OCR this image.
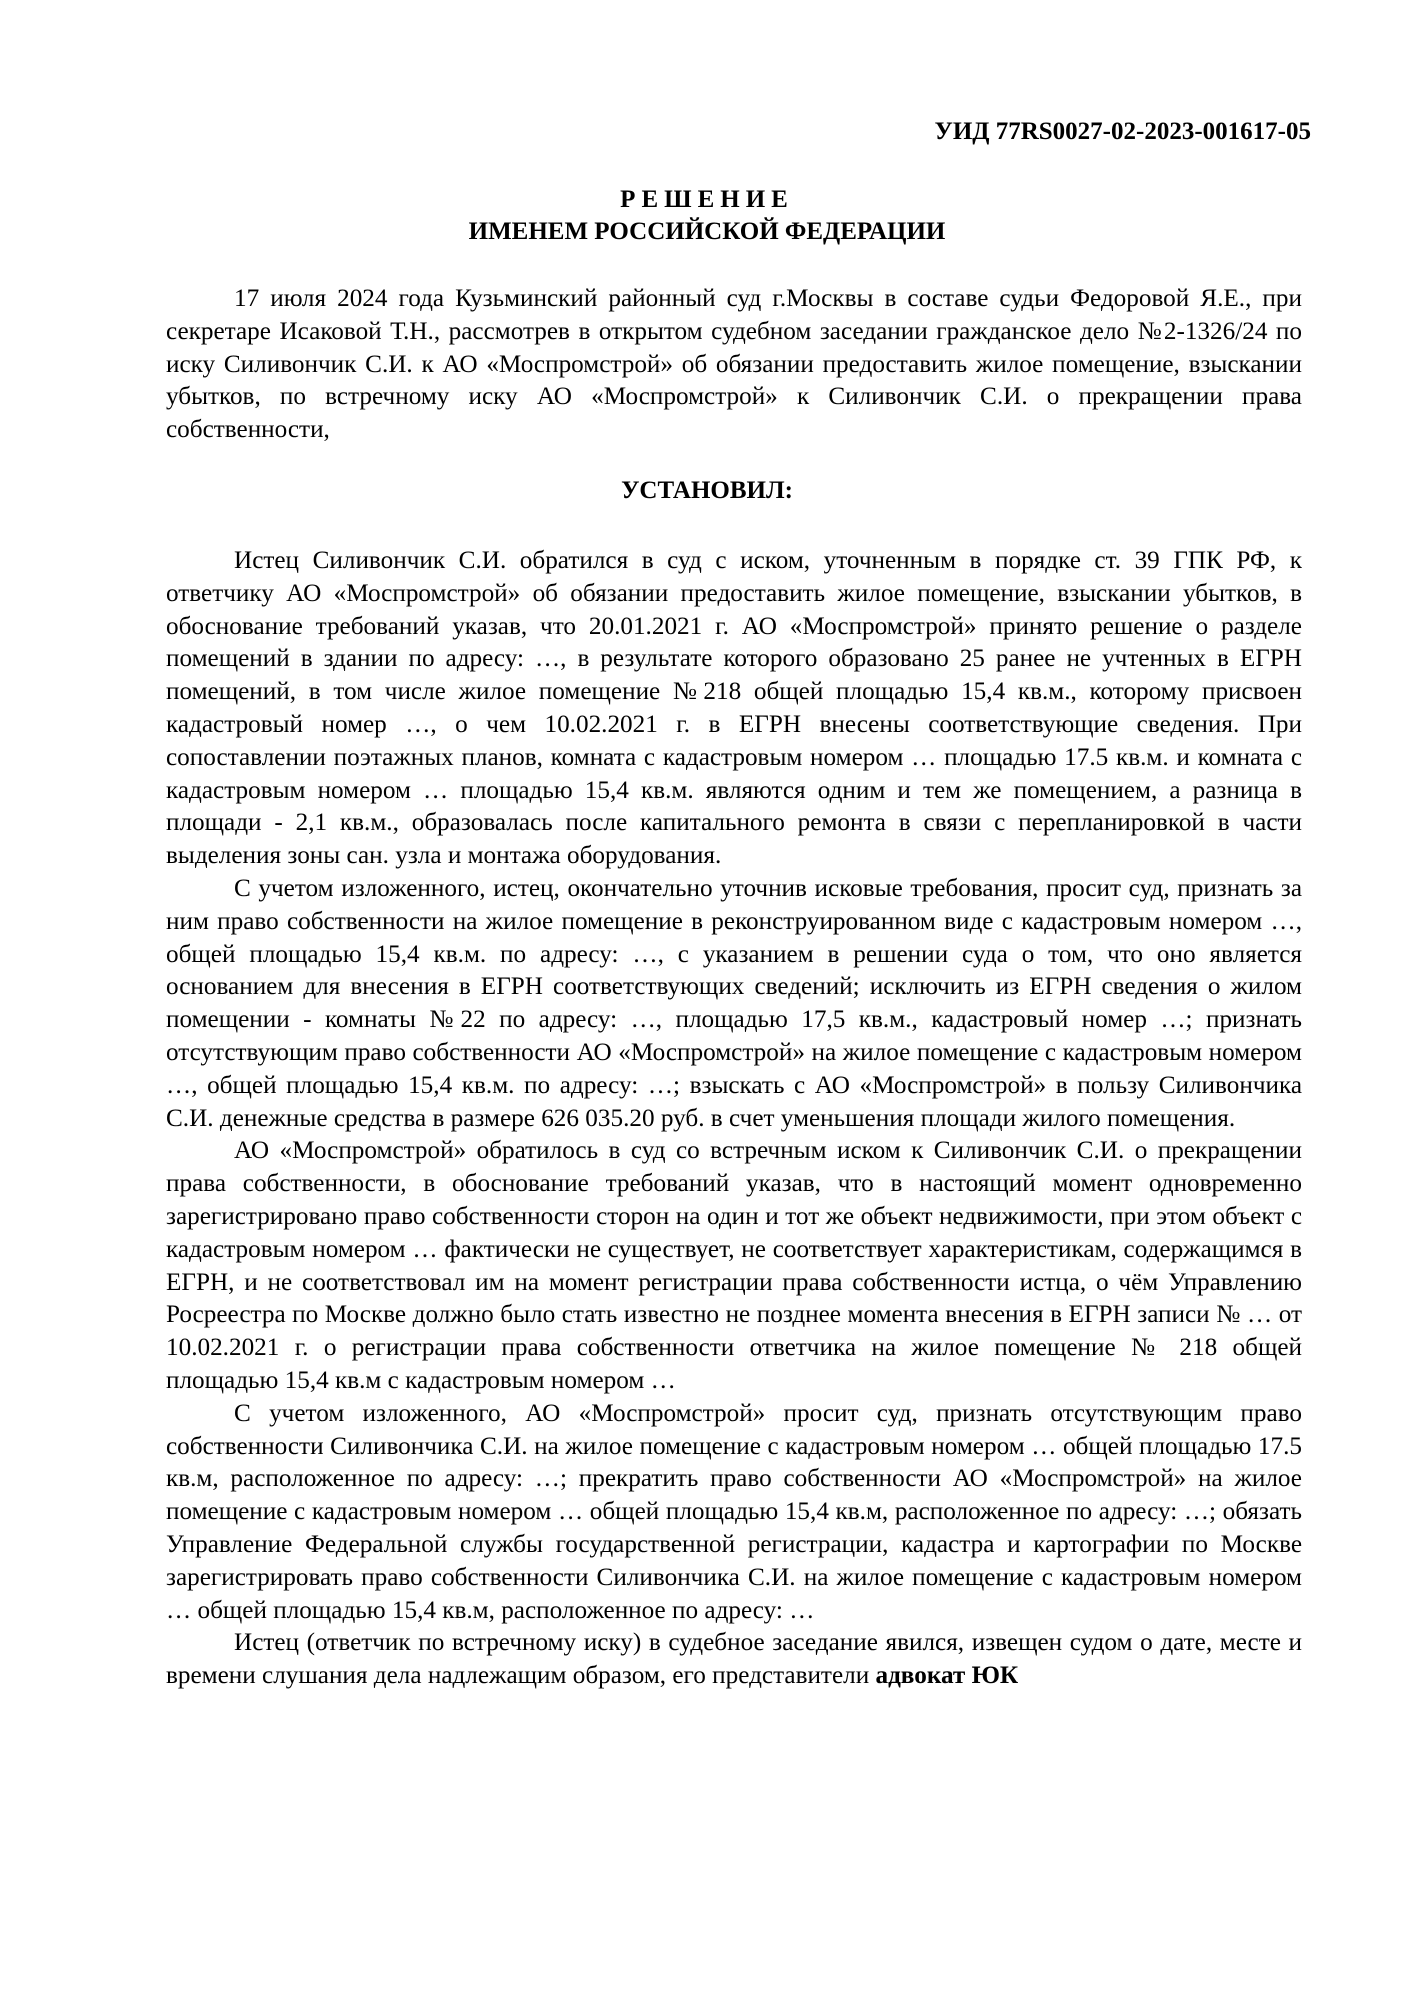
УИД 77RS0027-02-2023-001617-05
РЕШЕНИЕ
ИМЕНЕМ РОССИЙСКОЙ ФЕДЕРАЦИИ

17 июля 2024 года Кузьминский районный суд г.Москвы в составе судьи Федоровой Я.Е., при секретаре Исаковой Т.Н., рассмотрев в открытом судебном заседании гражданское дело №2-1326/24 по иску Силивончик С.И. к АО «Моспромстрой» об обязании предоставить жилое помещение, взыскании убытков, по встречному иску АО «Моспромстрой» к Силивончик С.И. о прекращении права собственности,

УСТАНОВИЛ:

Истец Силивончик С.И. обратился в суд с иском, уточненным в порядке ст. 39 ГПК РФ, к ответчику АО «Моспромстрой» об обязании предоставить жилое помещение, взыскании убытков, в обоснование требований указав, что 20.01.2021 г. АО «Моспромстрой» принято решение о разделе помещений в здании по адресу: …, в результате которого образовано 25 ранее не учтенных в ЕГРН помещений, в том числе жилое помещение №218 общей площадью 15,4 кв.м., которому присвоен кадастровый номер …, о чем 10.02.2021 г. в ЕГРН внесены соответствующие сведения. При сопоставлении поэтажных планов, комната с кадастровым номером … площадью 17.5 кв.м. и комната с кадастровым номером … площадью 15,4 кв.м. являются одним и тем же помещением, а разница в площади - 2,1 кв.м., образовалась после капитального ремонта в связи с перепланировкой в части выделения зоны сан. узла и монтажа оборудования.

С учетом изложенного, истец, окончательно уточнив исковые требования, просит суд, признать за ним право собственности на жилое помещение в реконструированном виде с кадастровым номером …, общей площадью 15,4 кв.м. по адресу: …, с указанием в решении суда о том, что оно является основанием для внесения в ЕГРН соответствующих сведений; исключить из ЕГРН сведения о жилом помещении - комнаты №22 по адресу: …, площадью 17,5 кв.м., кадастровый номер …; признать отсутствующим право собственности АО «Моспромстрой» на жилое помещение с кадастровым номером …, общей площадью 15,4 кв.м. по адресу: …; взыскать с АО «Моспромстрой» в пользу Силивончика С.И. денежные средства в размере 626 035.20 руб. в счет уменьшения площади жилого помещения.

АО «Моспромстрой» обратилось в суд со встречным иском к Силивончик С.И. о прекращении права собственности, в обоснование требований указав, что в настоящий момент одновременно зарегистрировано право собственности сторон на один и тот же объект недвижимости, при этом объект с кадастровым номером … фактически не существует, не соответствует характеристикам, содержащимся в ЕГРН, и не соответствовал им на момент регистрации права собственности истца, о чём Управлению Росреестра по Москве должно было стать известно не позднее момента внесения в ЕГРН записи № … от 10.02.2021 г. о регистрации права собственности ответчика на жилое помещение № 218 общей площадью 15,4 кв.м с кадастровым номером …

С учетом изложенного, АО «Моспромстрой» просит суд, признать отсутствующим право собственности Силивончика С.И. на жилое помещение с кадастровым номером … общей площадью 17.5 кв.м, расположенное по адресу: …; прекратить право собственности АО «Моспромстрой» на жилое помещение с кадастровым номером … общей площадью 15,4 кв.м, расположенное по адресу: …; обязать Управление Федеральной службы государственной регистрации, кадастра и картографии по Москве зарегистрировать право собственности Силивончика С.И. на жилое помещение с кадастровым номером … общей площадью 15,4 кв.м, расположенное по адресу: …

Истец (ответчик по встречному иску) в судебное заседание явился, извещен судом о дате, месте и времени слушания дела надлежащим образом, его представители адвокат ЮК
